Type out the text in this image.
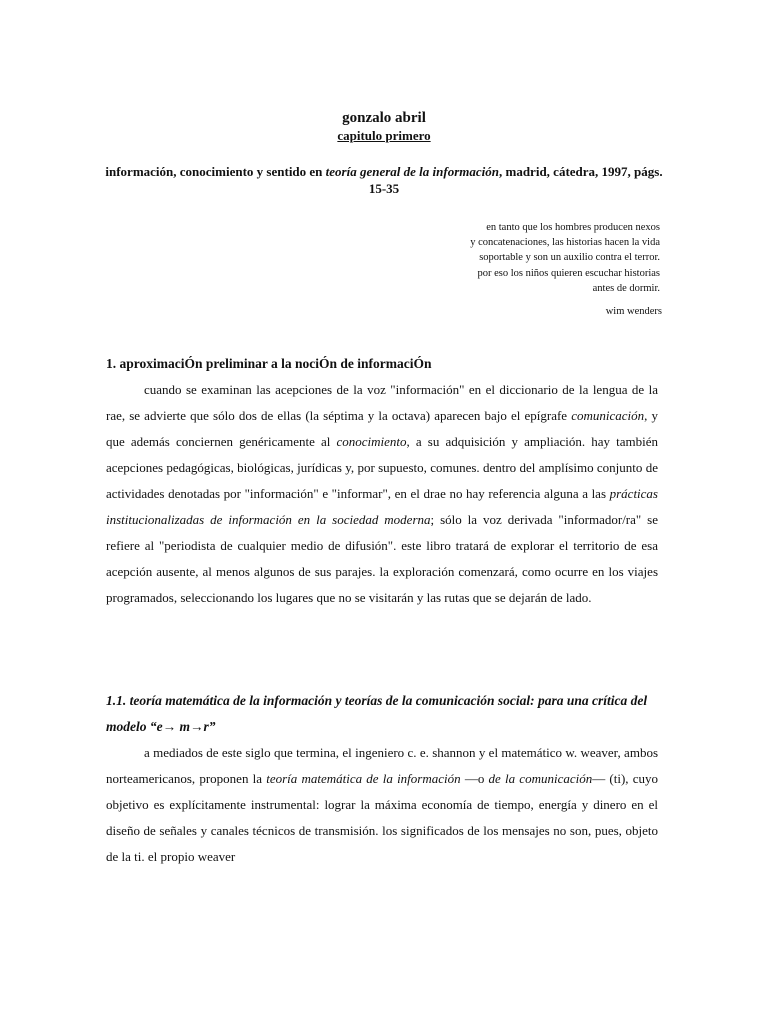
gonzalo abril
capitulo primero
información, conocimiento y sentido en teoría general de la información, madrid, cátedra, 1997, págs. 15-35
en tanto que los hombres producen nexos
y concatenaciones, las historias hacen la vida
soportable y son un auxilio contra el terror.
por eso los niños quieren escuchar historias
antes de dormir.
wim wenders
1. aproximaciÓn preliminar a la nociÓn de informaciÓn
cuando se examinan las acepciones de la voz "información" en el diccionario de la lengua de la rae, se advierte que sólo dos de ellas (la séptima y la octava) aparecen bajo el epígrafe comunicación, y que además conciernen genéricamente al conocimiento, a su adquisición y ampliación. hay también acepciones pedagógicas, biológicas, jurídicas y, por supuesto, comunes. dentro del amplísimo conjunto de actividades denotadas por "información" e "informar", en el drae no hay referencia alguna a las prácticas institucionalizadas de información en la sociedad moderna; sólo la voz derivada "informador/ra" se refiere al "periodista de cualquier medio de difusión". este libro tratará de explorar el territorio de esa acepción ausente, al menos algunos de sus parajes. la exploración comenzará, como ocurre en los viajes programados, seleccionando los lugares que no se visitarán y las rutas que se dejarán de lado.
1.1. teoría matemática de la información y teorías de la comunicación social: para una crítica del modelo “e→ m→r”
a mediados de este siglo que termina, el ingeniero c. e. shannon y el matemático w. weaver, ambos norteamericanos, proponen la teoría matemática de la información —o de la comunicación— (ti), cuyo objetivo es explícitamente instrumental: lograr la máxima economía de tiempo, energía y dinero en el diseño de señales y canales técnicos de transmisión. los significados de los mensajes no son, pues, objeto de la ti. el propio weaver
